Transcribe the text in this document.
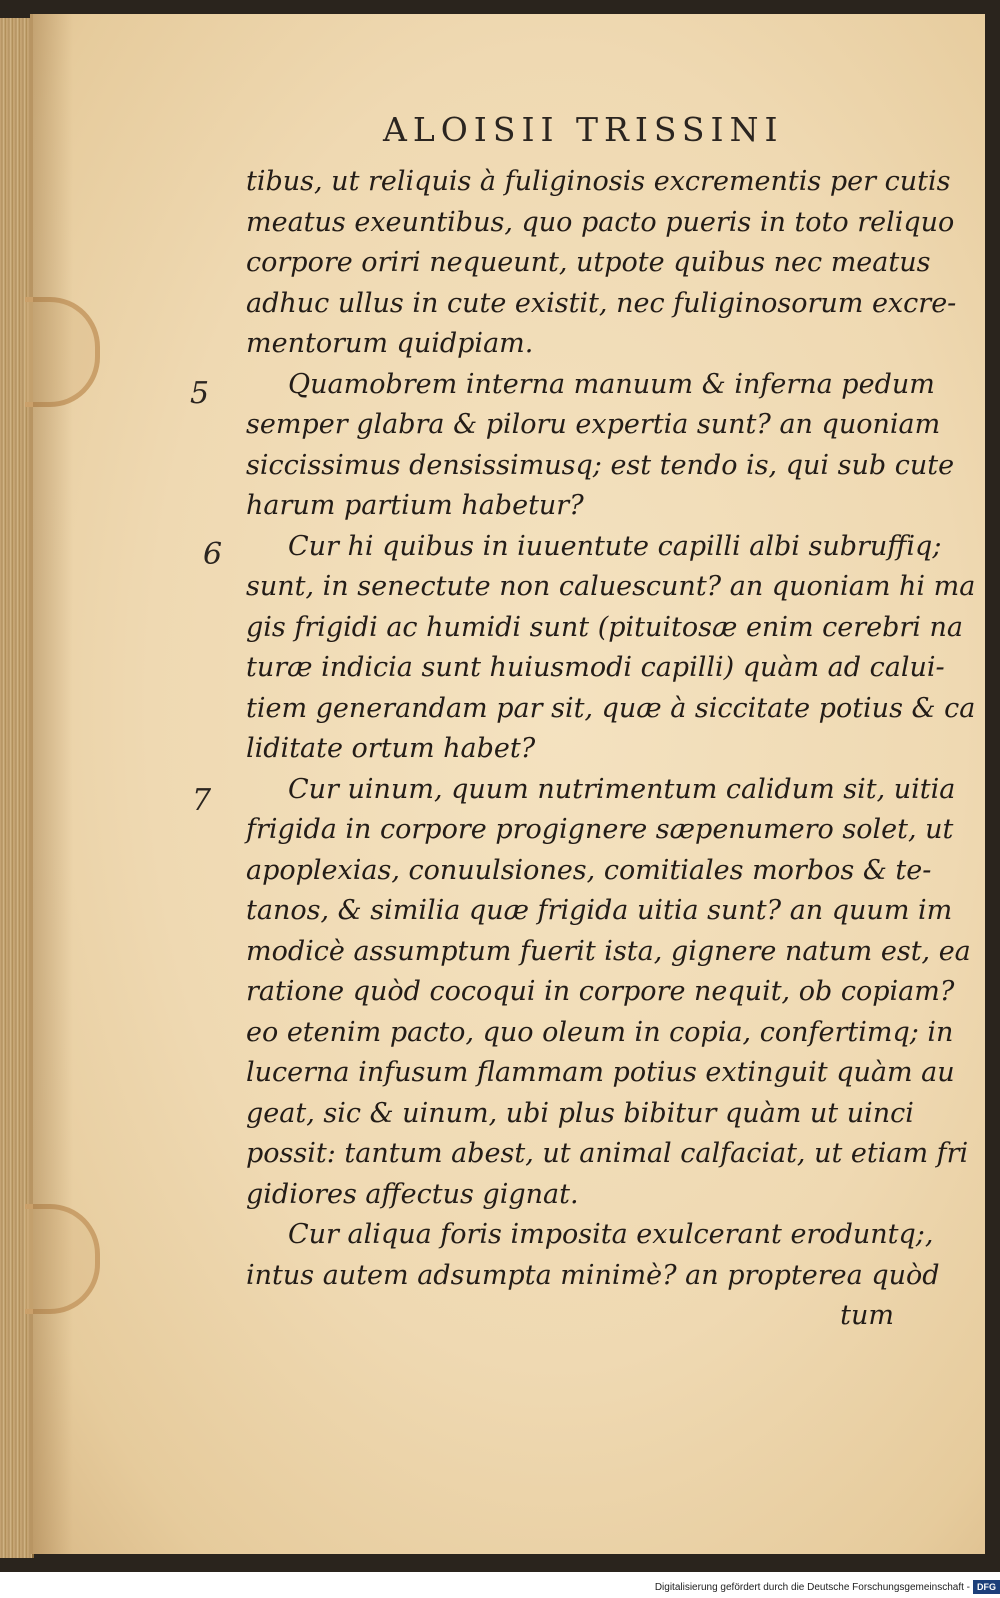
ALOISII TRISSINI
5
6
7
tibus, ut reliquis à fuliginosis excrementis per cutis
meatus exeuntibus, quo pacto pueris in toto reliquo
corpore oriri nequeunt, utpote quibus nec meatus
adhuc ullus in cute existit, nec fuliginosorum excre-
mentorum quidpiam.
Quamobrem interna manuum & inferna pedum
semper glabra & piloru expertia sunt? an quoniam
siccissimus densissimusq; est tendo is, qui sub cute
harum partium habetur?
Cur hi quibus in iuuentute capilli albi subruffiq;
sunt, in senectute non caluescunt? an quoniam hi ma
gis frigidi ac humidi sunt (pituitosæ enim cerebri na
turæ indicia sunt huiusmodi capilli) quàm ad calui-
tiem generandam par sit, quæ à siccitate potius & ca
liditate ortum habet?
Cur uinum, quum nutrimentum calidum sit, uitia
frigida in corpore progignere sæpenumero solet, ut
apoplexias, conuulsiones, comitiales morbos & te-
tanos, & similia quæ frigida uitia sunt? an quum im
modicè assumptum fuerit ista, gignere natum est, ea
ratione quòd cocoqui in corpore nequit, ob copiam?
eo etenim pacto, quo oleum in copia, confertimq; in
lucerna infusum flammam potius extinguit quàm au
geat, sic & uinum, ubi plus bibitur quàm ut uinci
possit: tantum abest, ut animal calfaciat, ut etiam fri
gidiores affectus gignat.
Cur aliqua foris imposita exulcerant eroduntq;,
intus autem adsumpta minimè? an propterea quòd
tum
Digitalisierung gefördert durch die Deutsche Forschungsgemeinschaft - DFG
